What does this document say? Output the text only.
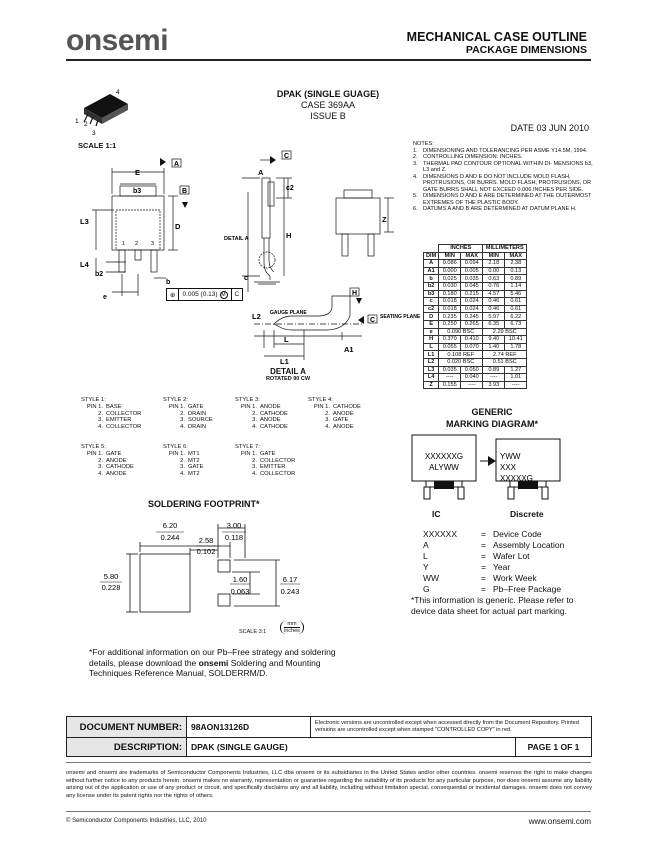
onsemi	MECHANICAL CASE OUTLINE
PACKAGE DIMENSIONS
DPAK (SINGLE GUAGE)
CASE 369AA
ISSUE B
DATE 03 JUN 2010
SCALE 1:1
4
1 2
3
A
B
E
b3
D
L3
L4
b2
b
e
1 2 3
⊕	0.005 (0.13) M	C
C
A
c2
H
c
DETAIL A
Z
H
C SEATING PLANE
GAUGE PLANE
L2
L
L1
A1
DETAIL A
ROTATED 90 CW
NOTES:
1. DIMENSIONING AND TOLERANCING PER ASME Y14.5M, 1994.
2. CONTROLLING DIMENSION: INCHES.
3. THERMAL PAD CONTOUR OPTIONAL WITHIN DI- MENSIONS b3, L3 and Z.
4. DIMENSIONS D AND E DO NOT INCLUDE MOLD FLASH, PROTRUSIONS, OR BURRS. MOLD FLASH, PROTRUSIONS, OR GATE BURRS SHALL NOT EXCEED 0.006 INCHES PER SIDE.
5. DIMENSIONS D AND E ARE DETERMINED AT THE OUTERMOST EXTREMES OF THE PLASTIC BODY.
6. DATUMS A AND B ARE DETERMINED AT DATUM PLANE H.
	INCHES		MILLIMETERS	
DIM	MIN	MAX	MIN	MAX
A	0.086	0.094	2.18	2.38
A1	0.000	0.005	0.00	0.13
b	0.025	0.035	0.63	0.89
b2	0.030	0.045	0.76	1.14
b3	0.180	0.215	4.57	5.46
c	0.018	0.024	0.46	0.61
c2	0.018	0.024	0.46	0.61
D	0.235	0.245	5.97	6.22
E	0.250	0.265	6.35	6.73
e	0.090 BSC		2.29 BSC	
H	0.370	0.410	9.40	10.41
L	0.055	0.070	1.40	1.78
L1	0.108 REF		2.74 REF	
L2	0.020 BSC		0.51 BSC	
L3	0.035	0.050	0.89	1.27
L4	----	0.040	----	1.01
Z	0.155	----	3.93	----
STYLE 1:
PIN 1. BASE
2. COLLECTOR
3. EMITTER
4. COLLECTOR
STYLE 2:
PIN 1. GATE
2. DRAIN
3. SOURCE
4. DRAIN
STYLE 3:
PIN 1. ANODE
2. CATHODE
3. ANODE
4. CATHODE
STYLE 4:
PIN 1. CATHODE
2. ANODE
3. GATE
4. ANODE
STYLE 5:
PIN 1. GATE
2. ANODE
3. CATHODE
4. ANODE
STYLE 6:
PIN 1. MT1
2. MT2
3. GATE
4. MT2
STYLE 7:
PIN 1. GATE
2. COLLECTOR
3. EMITTER
4. COLLECTOR
GENERIC
MARKING DIAGRAM*
XXXXXXG
ALYWW
YWW
XXX
XXXXXG
IC	Discrete
XXXXXX	= Device Code
A	= Assembly Location
L	= Wafer Lot
Y	= Year
WW	= Work Week
G	= Pb–Free Package
*This information is generic. Please refer to device data sheet for actual part marking.
SOLDERING FOOTPRINT*
6.20
0.244
3.00
0.118
2.58
0.102
5.80
0.228
1.60
0.063
6.17
0.243
SCALE 3:1
mm
inches
*For additional information on our Pb–Free strategy and soldering details, please download the onsemi Soldering and Mounting Techniques Reference Manual, SOLDERRM/D.
DOCUMENT NUMBER:	98AON13126D	Electronic versions are uncontrolled except when accessed directly from the Document Repository. Printed versions are uncontrolled except when stamped "CONTROLLED COPY" in red.	
DESCRIPTION:	DPAK (SINGLE GAUGE)		PAGE 1 OF 1
onsemi and onsemi are trademarks of Semiconductor Components Industries, LLC dba onsemi or its subsidiaries in the United States and/or other countries. onsemi reserves the right to make changes without further notice to any products herein. onsemi makes no warranty, representation or guarantee regarding the suitability of its products for any particular purpose, nor does onsemi assume any liability arising out of the application or use of any product or circuit, and specifically disclaims any and all liability, including without limitation special, consequential or incidental damages. onsemi does not convey any license under its patent rights nor the rights of others.
© Semiconductor Components Industries, LLC, 2010	www.onsemi.com
